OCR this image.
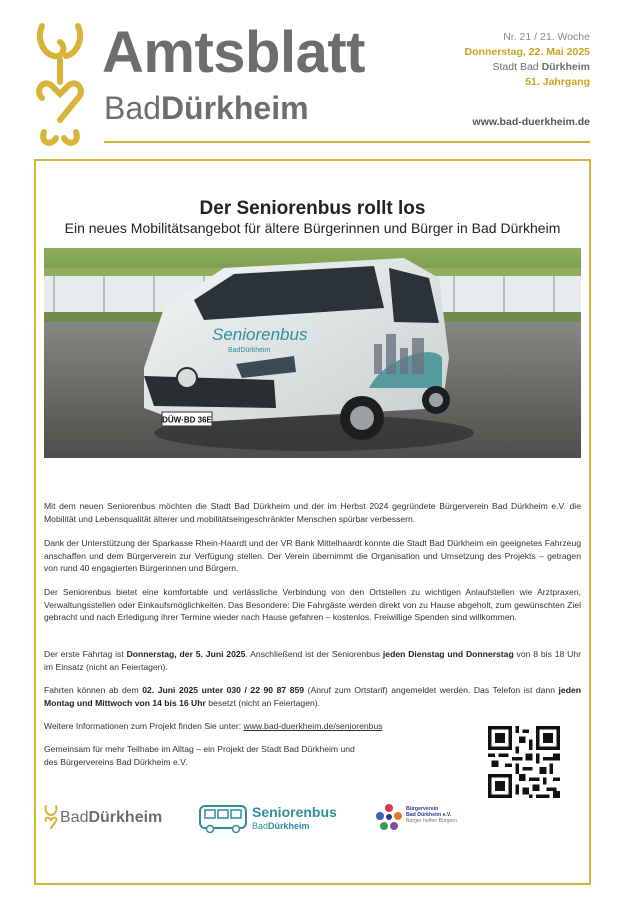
Amtsblatt
BadDürkheim
Nr. 21 / 21. Woche
Donnerstag, 22. Mai 2025
Stadt Bad Dürkheim
51. Jahrgang
www.bad-duerkheim.de
Der Seniorenbus rollt los
Ein neues Mobilitätsangebot für ältere Bürgerinnen und Bürger in Bad Dürkheim
DÜW·BD 36E
Seniorenbus
BadDürkheim

Mit dem neuen Seniorenbus möchten die Stadt Bad Dürkheim und der im Herbst 2024 gegründete Bürgerverein Bad Dürkheim e.V. die Mobilität und Lebensqualität älterer und mobilitätseingeschränkter Menschen spürbar verbessern.

Dank der Unterstützung der Sparkasse Rhein-Haardt und der VR Bank Mittelhaardt konnte die Stadt Bad Dürkheim ein geeignetes Fahrzeug anschaffen und dem Bürgerverein zur Verfügung stellen. Der Verein übernimmt die Organisation und Umsetzung des Projekts – getragen von rund 40 engagierten Bürgerinnen und Bürgern.

Der Seniorenbus bietet eine komfortable und verlässliche Verbindung von den Ortsteilen zu wichtigen Anlaufstellen wie Arztpraxen, Verwaltungsstellen oder Einkaufsmöglichkeiten. Das Besondere: Die Fahrgäste werden direkt von zu Hause abgeholt, zum gewünschten Ziel gebracht und nach Erledigung ihrer Termine wieder nach Hause gefahren – kostenlos. Freiwillige Spenden sind willkommen.

Der erste Fahrtag ist Donnerstag, der 5. Juni 2025. Anschließend ist der Seniorenbus jeden Dienstag und Donnerstag von 8 bis 18 Uhr im Einsatz (nicht an Feiertagen).

Fahrten können ab dem 02. Juni 2025 unter 030 / 22 90 87 859 (Anruf zum Ortstarif) angemeldet werden. Das Telefon ist dann jeden Montag und Mittwoch von 14 bis 16 Uhr besetzt (nicht an Feiertagen).

Weitere Informationen zum Projekt finden Sie unter: www.bad-duerkheim.de/seniorenbus

Gemeinsam für mehr Teilhabe im Alltag – ein Projekt der Stadt Bad Dürkheim und
des Bürgervereins Bad Dürkheim e.V.

BadDürkheim	Seniorenbus
BadDürkheim
Bürgerverein
Bad Dürkheim e.V.
Bürger helfen Bürgern
